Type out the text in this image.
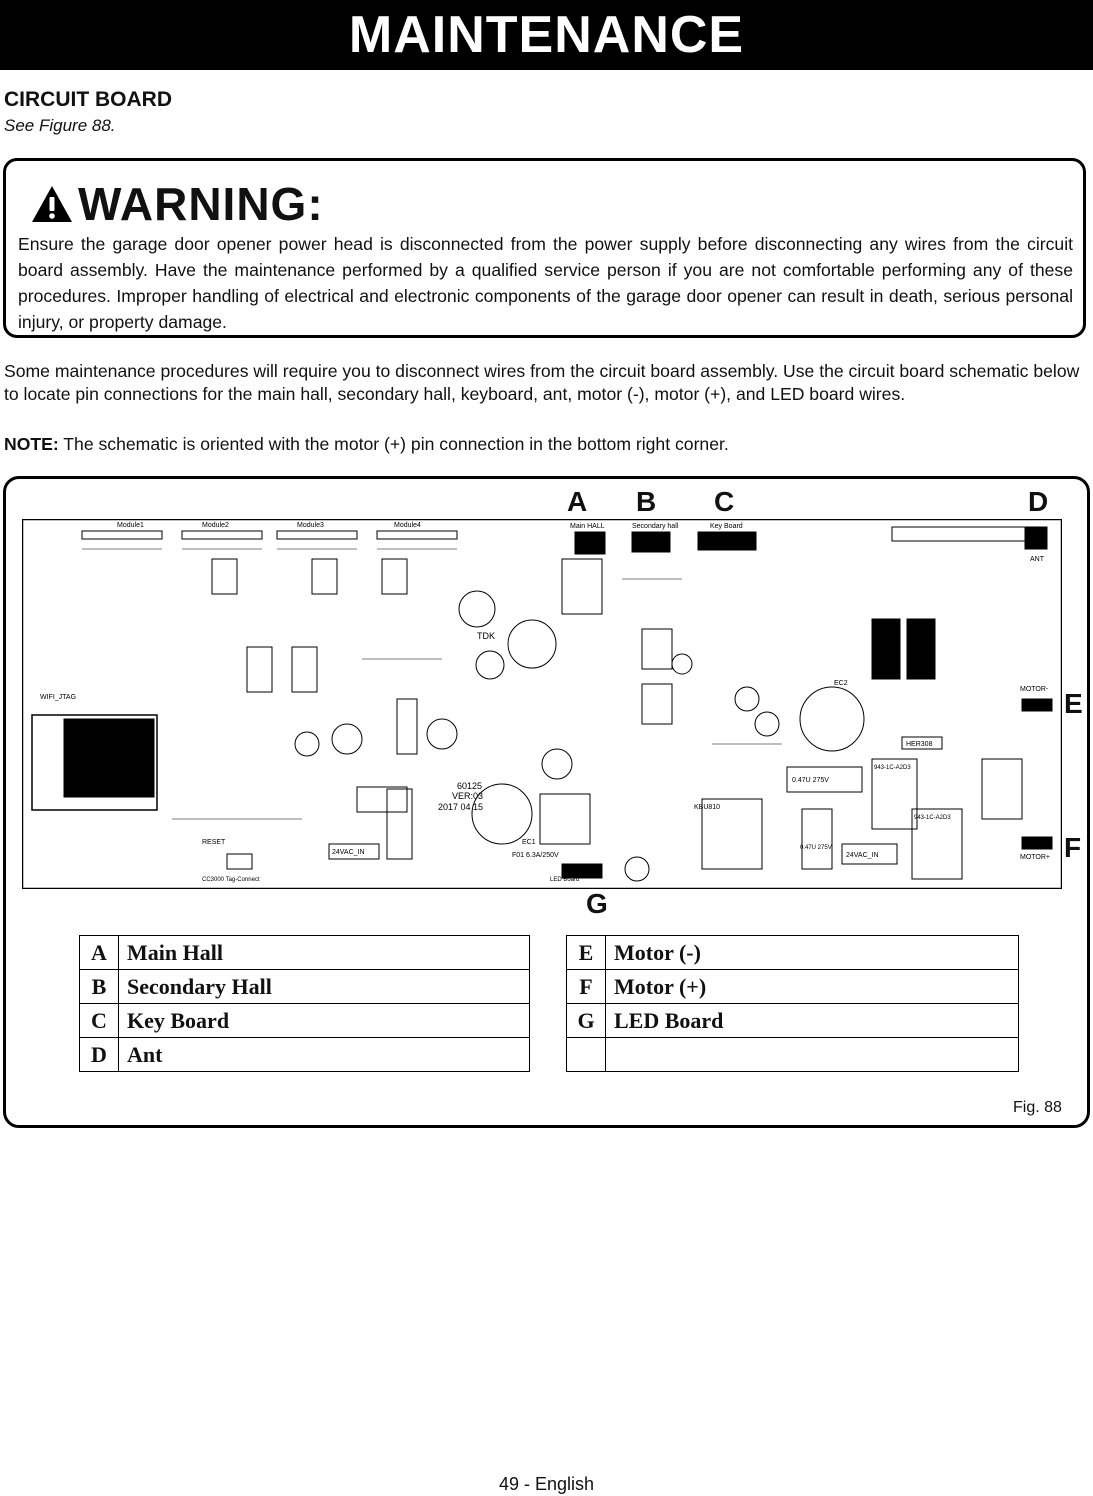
MAINTENANCE
CIRCUIT BOARD
See Figure 88.
WARNING:
Ensure the garage door opener power head is disconnected from the power supply before disconnecting any wires from the circuit board assembly. Have the maintenance performed by a qualified service person if you are not comfortable performing any of these procedures. Improper handling of electrical and electronic components of the garage door opener can result in death, serious personal injury, or property damage.
Some maintenance procedures will require you to disconnect wires from the circuit board assembly. Use the circuit board schematic below to locate pin connections for the main hall, secondary hall, keyboard, ant, motor (-), motor (+), and LED board wires.
NOTE: The schematic is oriented with the motor (+) pin connection in the bottom right corner.
Module1	Module2	Module3	Module4	Main HALL	Secondary hall	Key Board
ANT
WIFI_JTAG
TDK
60125
VER:03
2017 04 15
943-1C-A2D3
943-1C-A2D3
HER308
MOTOR-
MOTOR+
KBU810
0.47U 275V
0.47U 275V
24VAC_IN
24VAC_IN
LED Board
F01 6.3A/250V
EC1
EC2
RESET
CC3000 Tag-Connect
A B C	D
E
F
G
A	Main Hall
B	Secondary Hall
C	Key Board
D	Ant
E	Motor (-)
F	Motor (+)
G	LED Board

Fig. 88
49 - English
